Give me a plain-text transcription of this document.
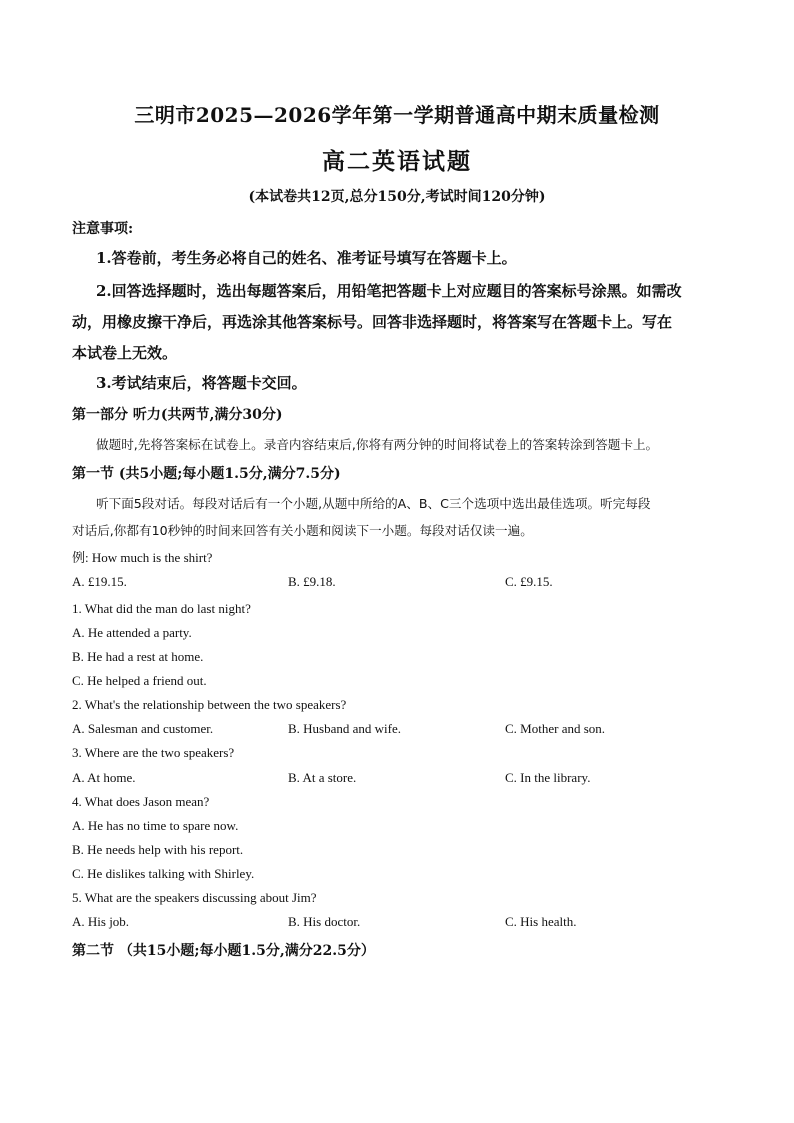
三明市2025—2026学年第一学期普通高中期末质量检测
高二英语试题
(本试卷共12页,总分150分,考试时间120分钟)
注意事项:
1.答卷前，考生务必将自己的姓名、准考证号填写在答题卡上。
2.回答选择题时，选出每题答案后，用铅笔把答题卡上对应题目的答案标号涂黑。如需改
动，用橡皮擦干净后，再选涂其他答案标号。回答非选择题时，将答案写在答题卡上。写在
本试卷上无效。
3.考试结束后，将答题卡交回。
第一部分 听力(共两节,满分30分)
做题时,先将答案标在试卷上。录音内容结束后,你将有两分钟的时间将试卷上的答案转涂到答题卡上。
第一节 (共5小题;每小题1.5分,满分7.5分)
听下面5段对话。每段对话后有一个小题,从题中所给的A、B、C三个选项中选出最佳选项。听完每段
对话后,你都有10秒钟的时间来回答有关小题和阅读下一小题。每段对话仅读一遍。
例: How much is the shirt?
A. £19.15.	B. £9.18.	C. £9.15.
1. What did the man do last night?
A. He attended a party.
B. He had a rest at home.
C. He helped a friend out.
2. What's the relationship between the two speakers?
A. Salesman and customer.	B. Husband and wife.	C. Mother and son.
3. Where are the two speakers?
A. At home.	B. At a store.	C. In the library.
4. What does Jason mean?
A. He has no time to spare now.
B. He needs help with his report.
C. He dislikes talking with Shirley.
5. What are the speakers discussing about Jim?
A. His job.	B. His doctor.	C. His health.
第二节 （共15小题;每小题1.5分,满分22.5分）
